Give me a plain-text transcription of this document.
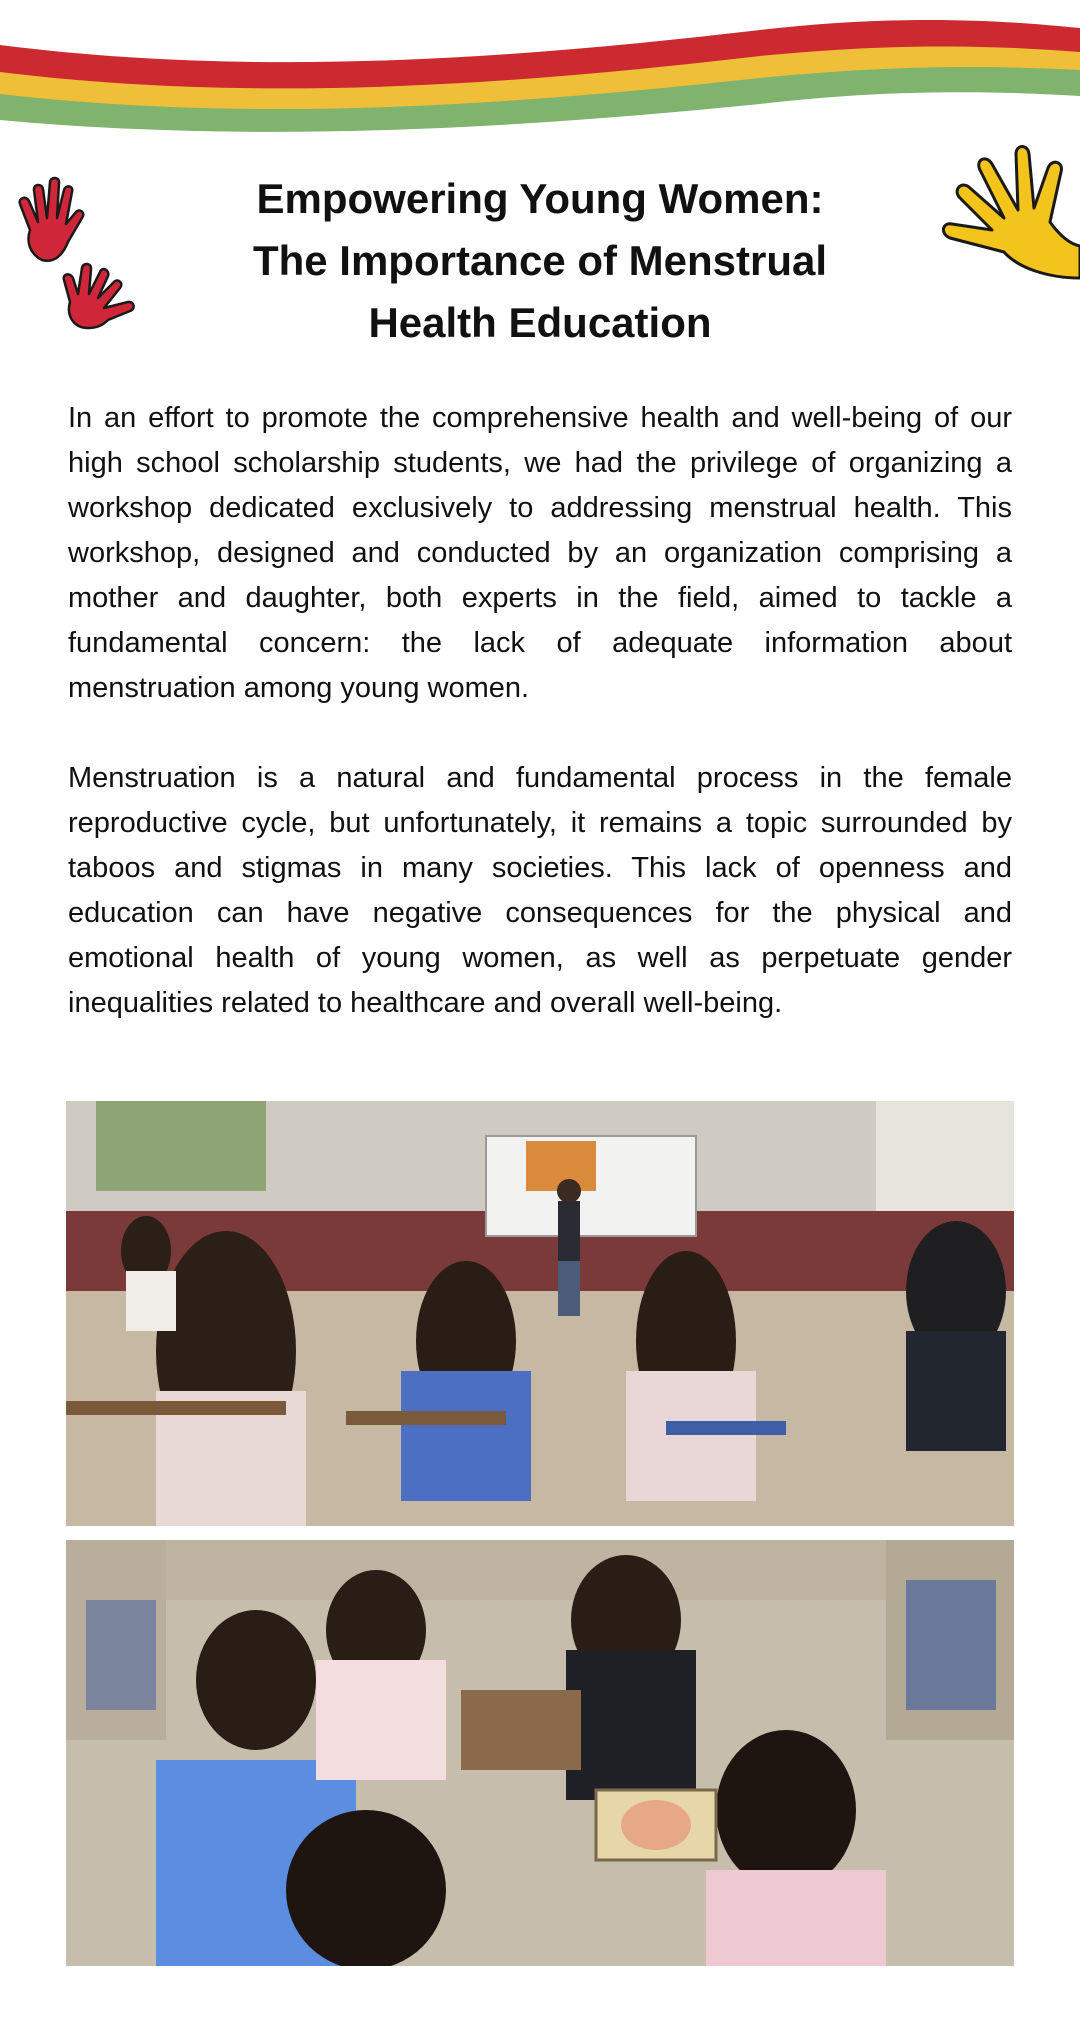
Empowering Young Women:
The Importance of Menstrual
Health Education

In an effort to promote the comprehensive health and well-being of our high school scholarship students, we had the privilege of organizing a workshop dedicated exclusively to addressing menstrual health. This workshop, designed and conducted by an organization comprising a mother and daughter, both experts in the field, aimed to tackle a fundamental concern: the lack of adequate information about menstruation among young women.

Menstruation is a natural and fundamental process in the female reproductive cycle, but unfortunately, it remains a topic surrounded by taboos and stigmas in many societies. This lack of openness and education can have negative consequences for the physical and emotional health of young women, as well as perpetuate gender inequalities related to healthcare and overall well-being.
